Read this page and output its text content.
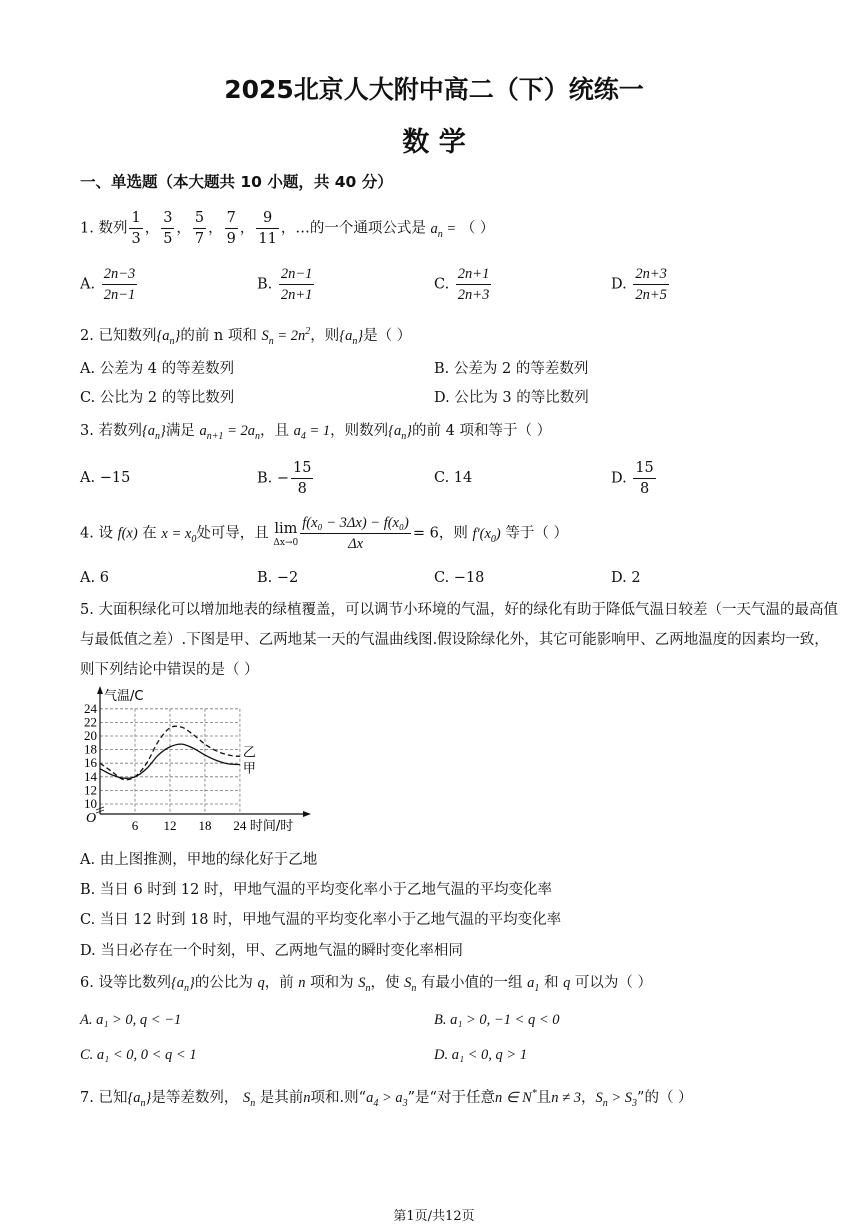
2025北京人大附中高二（下）统练一
数 学
一、单选题（本大题共 10 小题，共 40 分）
1. 数列 $\frac{1}{3}$ ， $\frac{3}{5}$ ， $\frac{5}{7}$ ， $\frac{7}{9}$ ， $\frac{9}{11}$ ，…的一个通项公式是 $a_n$ = （ ）
A. $\frac{2n-3}{2n-1}$	B. $\frac{2n-1}{2n+1}$	C. $\frac{2n+1}{2n+3}$	D. $\frac{2n+3}{2n+5}$
2. 已知数列$\{a_n\}$的前 n 项和 $S_n = 2n^2$，则$\{a_n\}$是（ ）
A. 公差为 4 的等差数列	B. 公差为 2 的等差数列
C. 公比为 2 的等比数列	D. 公比为 3 的等比数列
3. 若数列$\{a_n\}$满足 $a_{n+1} = 2a_n$，且 $a_4 = 1$，则数列$\{a_n\}$的前 4 项和等于（ ）
A. −15	B. − $\frac{15}{8}$	C. 14	D. $\frac{15}{8}$
4. 设 f(x) 在 $x = x_0$处可导，且 lim
$\Delta x\to 0 \frac{\text{f(x₀ − 3Δx) − f(x₀)}}{\Delta x} = 6$，则 $f'(x_0)$ 等于（ ）
A. 6	B. −2	C. −18	D. 2
5. 大面积绿化可以增加地表的绿植覆盖，可以调节小环境的气温，好的绿化有助于降低气温日较差（一天气温的最高值与最低值之差）.下图是甲、乙两地某一天的气温曲线图.假设除绿化外，其它可能影响甲、乙两地温度的因素均一致，则下列结论中错误的是（ ）
10
12
14
16
18
20
22
24
6 12 18 24
O
气温/C
时间/时
甲
乙
A. 由上图推测，甲地的绿化好于乙地
B. 当日 6 时到 12 时，甲地气温的平均变化率小于乙地气温的平均变化率
C. 当日 12 时到 18 时，甲地气温的平均变化率小于乙地气温的平均变化率
D. 当日必存在一个时刻，甲、乙两地气温的瞬时变化率相同
6. 设等比数列$\{a_n\}$的公比为 q，前 n 项和为 $S_n$，使 $S_n$ 有最小值的一组 $a_1$ 和 q 可以为（ ）
A. a₁ > 0, q < −1	B. a₁ > 0, −1 < q < 0
C. a₁ < 0, 0 < q < 1	D. a₁ < 0, q > 1
7. 已知$\{a_n\}$是等差数列， $S_n$ 是其前n项和.则“$a_4 > a_3$”是“对于任意n ∈ N*且n ≠ 3，$S_n > S_3$”的（ ）
第1页/共12页
